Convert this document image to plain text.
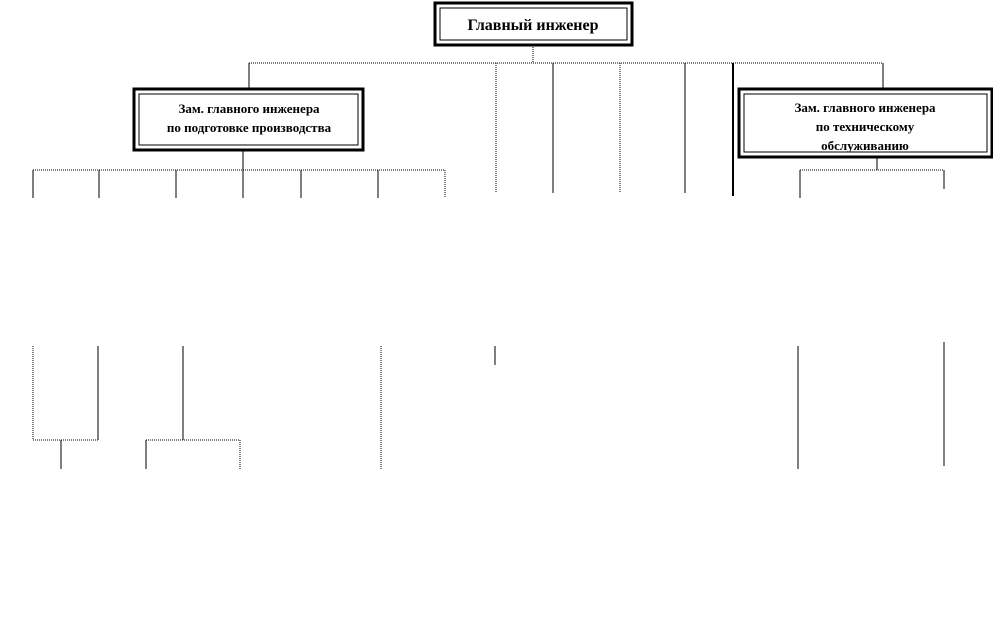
Главный инженер
Зам. главного инженера
по подготовке производства
Зам. главного инженера
по техническому
обслуживанию
